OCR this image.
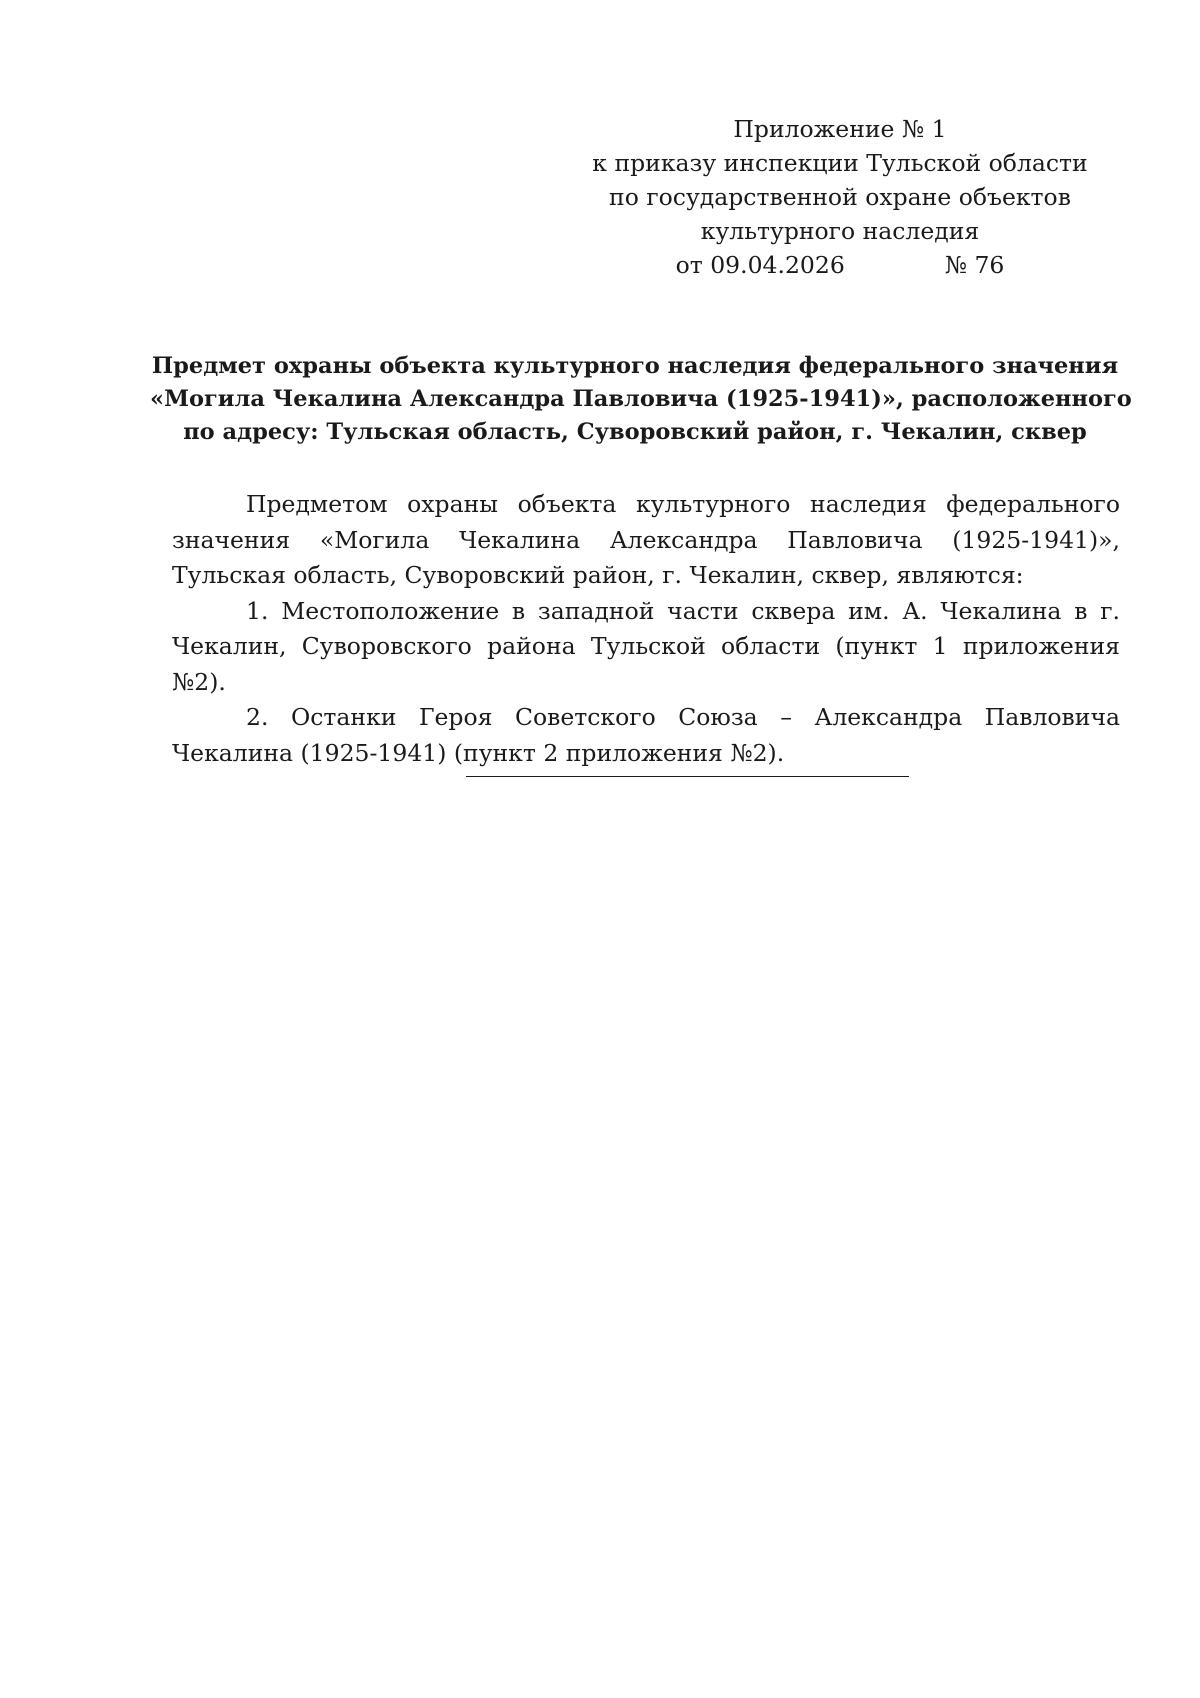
Приложение № 1
к приказу инспекции Тульской области
по государственной охране объектов
культурного наследия
от 09.04.2026	№ 76
Предмет охраны объекта культурного наследия федерального значения
«Могила Чекалина Александра Павловича (1925-1941)», расположенного
по адресу: Тульская область, Суворовский район, г. Чекалин, сквер

Предметом охраны объекта культурного наследия федерального значения «Могила Чекалина Александра Павловича (1925-1941)», Тульская область, Суворовский район, г. Чекалин, сквер, являются:

1. Местоположение в западной части сквера им. А. Чекалина в г. Чекалин, Суворовского района Тульской области (пункт 1 приложения №2).

2. Останки Героя Советского Союза – Александра Павловича Чекалина (1925-1941) (пункт 2 приложения №2).
